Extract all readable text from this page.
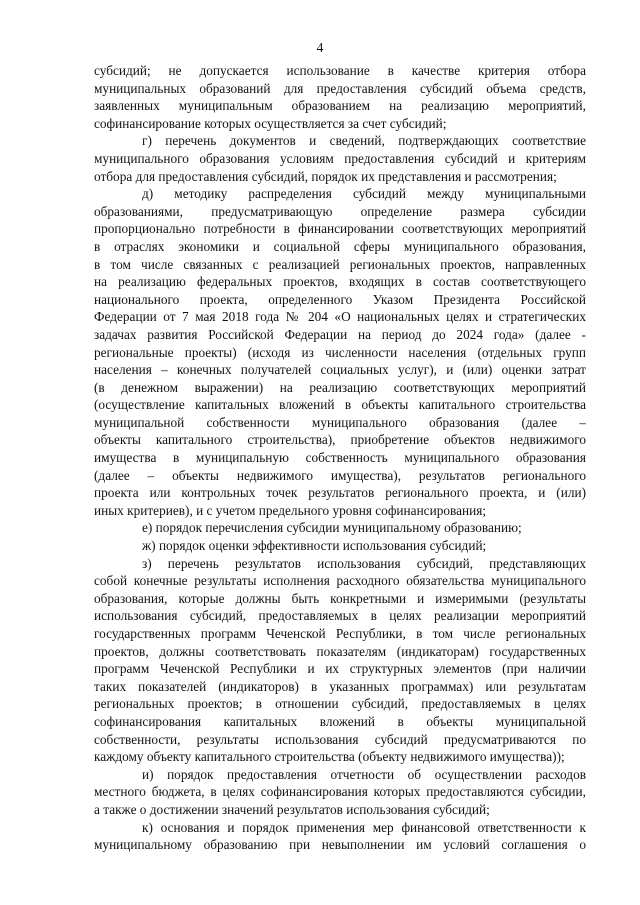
4
субсидий; не допускается использование в качестве критерия отбора
муниципальных образований для предоставления субсидий объема средств,
заявленных муниципальным образованием на реализацию мероприятий,
софинансирование которых осуществляется за счет субсидий;
г) перечень документов и сведений, подтверждающих соответствие
муниципального образования условиям предоставления субсидий и критериям
отбора для предоставления субсидий, порядок их представления и рассмотрения;
д) методику распределения субсидий между муниципальными
образованиями, предусматривающую определение размера субсидии
пропорционально потребности в финансировании соответствующих мероприятий
в отраслях экономики и социальной сферы муниципального образования,
в том числе связанных с реализацией региональных проектов, направленных
на реализацию федеральных проектов, входящих в состав соответствующего
национального проекта, определенного Указом Президента Российской
Федерации от 7 мая 2018 года № 204 «О национальных целях и стратегических
задачах развития Российской Федерации на период до 2024 года» (далее -
региональные проекты) (исходя из численности населения (отдельных групп
населения – конечных получателей социальных услуг), и (или) оценки затрат
(в денежном выражении) на реализацию соответствующих мероприятий
(осуществление капитальных вложений в объекты капитального строительства
муниципальной собственности муниципального образования (далее –
объекты капитального строительства), приобретение объектов недвижимого
имущества в муниципальную собственность муниципального образования
(далее – объекты недвижимого имущества), результатов регионального
проекта или контрольных точек результатов регионального проекта, и (или)
иных критериев), и с учетом предельного уровня софинансирования;
е) порядок перечисления субсидии муниципальному образованию;
ж) порядок оценки эффективности использования субсидий;
з) перечень результатов использования субсидий, представляющих
собой конечные результаты исполнения расходного обязательства муниципального
образования, которые должны быть конкретными и измеримыми (результаты
использования субсидий, предоставляемых в целях реализации мероприятий
государственных программ Чеченской Республики, в том числе региональных
проектов, должны соответствовать показателям (индикаторам) государственных
программ Чеченской Республики и их структурных элементов (при наличии
таких показателей (индикаторов) в указанных программах) или результатам
региональных проектов; в отношении субсидий, предоставляемых в целях
софинансирования капитальных вложений в объекты муниципальной
собственности, результаты использования субсидий предусматриваются по
каждому объекту капитального строительства (объекту недвижимого имущества));
и) порядок предоставления отчетности об осуществлении расходов
местного бюджета, в целях софинансирования которых предоставляются субсидии,
а также о достижении значений результатов использования субсидий;
к) основания и порядок применения мер финансовой ответственности к
муниципальному образованию при невыполнении им условий соглашения о
